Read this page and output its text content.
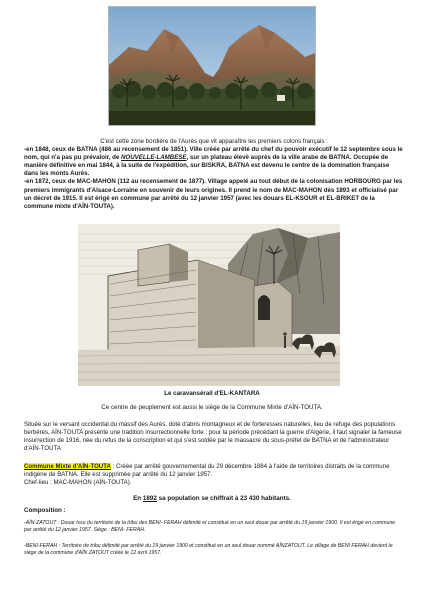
C'est cette zone bordière de l'Aurès que vit apparaître les premiers colons français :

-en 1848, ceux de BATNA (486 au recensement de 1851). Ville créée par arrêté du chef du pouvoir exécutif le 12 septembre sous le nom, qui n'a pas pu prévaloir, de NOUVELLE-LAMBESE, sur un plateau élevé auprès de la ville arabe de BATNA. Occupée de manière définitive en mai 1844, à la suite de l'expédition, sur BISKRA, BATNA est devenu le centre de la domination française dans les monts Aurès.

-en 1872, ceux de MAC-MAHON (112 au recensement de 1877). Village appelé au tout début de la colonisation HORBOURG par les premiers immigrants d'Alsace-Lorraine en souvenir de leurs origines. Il prend le nom de MAC-MAHON dès 1893 et officialisé par un décret de 1915. Il est érigé en commune par arrêté du 12 janvier 1957 (avec les douars EL-KSOUR et EL-BRIKET de la commune mixte d'AÏN-TOUTA).

Le caravansérail d'EL-KANTARA
Ce centre de peuplement est aussi le siège de la Commune Mixte d'AÏN-TOUTA.

Située sur le versant occidental du massif des Aurès, doté d'abris montagneux et de forteresses naturelles, lieu de refuge des populations berbères, AÏN-TOUTA présente une tradition insurrectionnelle forte : pour la période précédant la guerre d'Algérie, il faut signaler la fameuse insurrection de 1916, née du refus de la conscription et qui s'est soldée par le massacre du sous-préfet de BATNA et de l'administrateur d'AÏN-TOUTA

Commune Mixte d'AÏN-TOUTA : Créée par arrêté gouvernemental du 29 décembre 1884 à l'aide de territoires distraits de la commune indigène de BATNA. Elle est supprimée par arrêté du 12 janvier 1957.
Chef-lieu : MAC-MAHON (AÏN-TOUTA).

En 1892 sa population se chiffrait à 23 430 habitants.
Composition :

-AÏN-ZATOUT : Douar issu du territoire de la tribu des BENI- FERAH délimité et constitué en un seul douar par arrêté du 19 janvier 1900. Il est érigé en commune par arrêté du 12 janvier 1957. Siège : BENI- FERAH.

-BENI-FERAH : Territoire de tribu délimité par arrêté du 19 janvier 1900 et constitué en un seul douar nommé AÏNZATOUT. Le village de BENI FERAH devient le siège de la commune d'AÏN ZATOUT créée le 12 avril 1957.
